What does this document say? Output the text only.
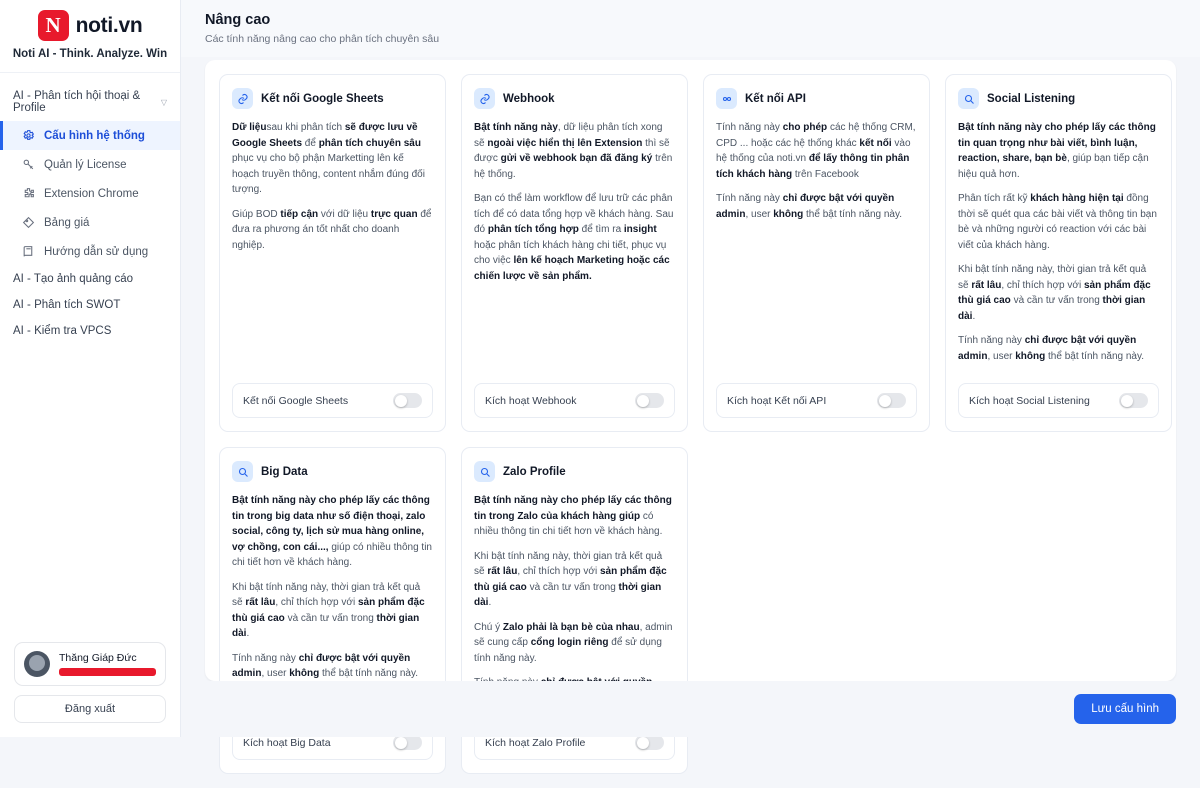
N noti.vn
Noti AI - Think. Analyze. Win
AI - Phân tích hội thoại & Profile	▽
Cấu hình hệ thống
Quản lý License
Extension Chrome
Bảng giá
Hướng dẫn sử dụng
AI - Tạo ảnh quảng cáo
AI - Phân tích SWOT
AI - Kiểm tra VPCS
Thăng Giáp Đức
Đăng xuất
Nâng cao
Các tính năng nâng cao cho phân tích chuyên sâu
Kết nối Google Sheets

Dữ liệusau khi phân tích sẽ được lưu về Google Sheets để phân tích chuyên sâu phục vụ cho bộ phận Marketting lên kế hoạch truyền thông, content nhắm đúng đối tượng.

Giúp BOD tiếp cận với dữ liệu trực quan để đưa ra phương án tốt nhất cho doanh nghiệp.

Kết nối Google Sheets
Webhook

Bật tính năng này, dữ liệu phân tích xong sẽ ngoài việc hiển thị lên Extension thì sẽ được gửi về webhook bạn đã đăng ký trên hệ thống.

Bạn có thể làm workflow để lưu trữ các phân tích để có data tổng hợp về khách hàng. Sau đó phân tích tổng hợp để tìm ra insight hoặc phân tích khách hàng chi tiết, phục vụ cho việc lên kế hoạch Marketing hoặc các chiến lược về sản phẩm.

Kích hoạt Webhook
Kết nối API

Tính năng này cho phép các hệ thống CRM, CPD ... hoặc các hệ thống khác kết nối vào hệ thống của noti.vn để lấy thông tin phân tích khách hàng trên Facebook

Tính năng này chỉ được bật với quyền admin, user không thể bật tính năng này.

Kích hoạt Kết nối API
Social Listening

Bật tính năng này cho phép lấy các thông tin quan trọng như bài viết, bình luận, reaction, share, bạn bè, giúp bạn tiếp cận hiệu quả hơn.

Phân tích rất kỹ khách hàng hiện tại đồng thời sẽ quét qua các bài viết và thông tin bạn bè và những người có reaction với các bài viết của khách hàng.

Khi bật tính năng này, thời gian trả kết quả sẽ rất lâu, chỉ thích hợp với sản phẩm đặc thù giá cao và cần tư vấn trong thời gian dài.

Tính năng này chỉ được bật với quyền admin, user không thể bật tính năng này.

Kích hoạt Social Listening
Big Data

Bật tính năng này cho phép lấy các thông tin trong big data như số điện thoại, zalo social, công ty, lịch sử mua hàng online, vợ chồng, con cái..., giúp có nhiều thông tin chi tiết hơn về khách hàng.

Khi bật tính năng này, thời gian trả kết quả sẽ rất lâu, chỉ thích hợp với sản phẩm đặc thù giá cao và cần tư vấn trong thời gian dài.

Tính năng này chỉ được bật với quyền admin, user không thể bật tính năng này.

Kích hoạt Big Data
Zalo Profile

Bật tính năng này cho phép lấy các thông tin trong Zalo của khách hàng giúp có nhiều thông tin chi tiết hơn về khách hàng.

Khi bật tính năng này, thời gian trả kết quả sẽ rất lâu, chỉ thích hợp với sản phẩm đặc thù giá cao và cần tư vấn trong thời gian dài.

Chú ý Zalo phải là bạn bè của nhau, admin sẽ cung cấp cổng login riêng để sử dụng tính năng này.

Kích hoạt Zalo Profile
Lưu cấu hình
